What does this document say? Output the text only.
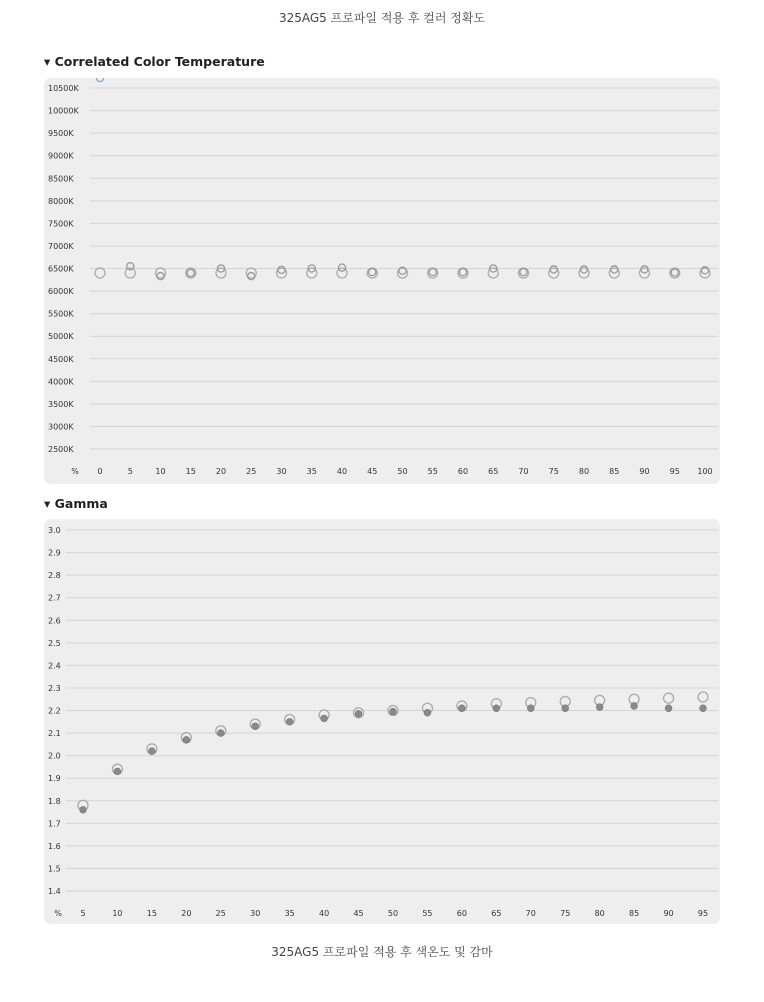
325AG5 프로파일 적용 후 컬러 정확도
▾ Correlated Color Temperature
2500K
3000K
3500K
4000K
4500K
5000K
5500K
6000K
6500K
7000K
7500K
8000K
8500K
9000K
9500K
10000K
10500K
% 0	5	10	15	20	25	30	35	40	45	50	55	60	65	70	75	80	85	90	95 100
▾ Gamma
1.4
1.5
1.6
1.7
1.8
1.9
2.0
2.1
2.2
2.3
2.4
2.5
2.6
2.7
2.8
2.9
3.0
% 5	10	15	20	25	30	35	40	45	50	55	60	65	70	75	80	85	90	95
325AG5 프로파일 적용 후 색온도 및 감마
